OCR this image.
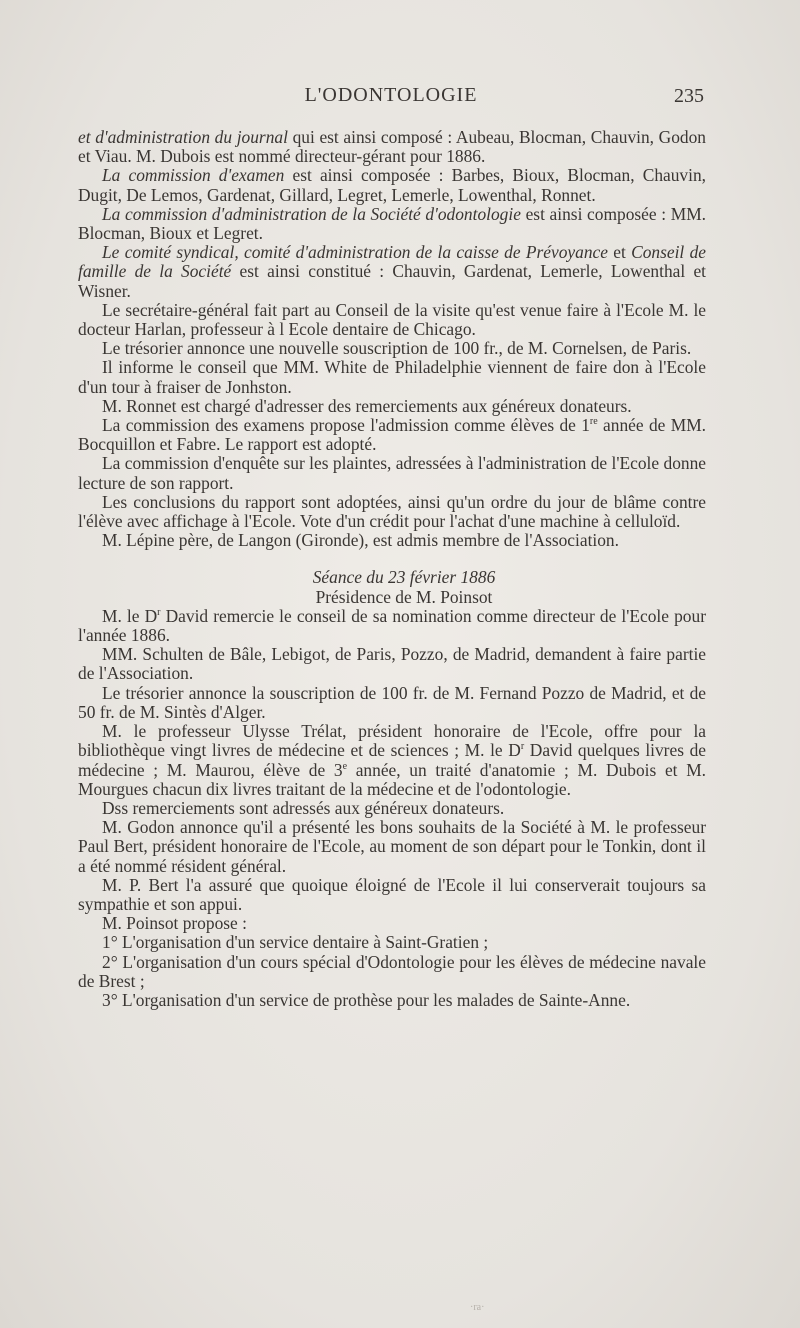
L'ODONTOLOGIE	235

et d'administration du journal qui est ainsi composé : Aubeau, Blocman, Chauvin, Godon et Viau. M. Dubois est nommé directeur-gérant pour 1886.

La commission d'examen est ainsi composée : Barbes, Bioux, Blocman, Chauvin, Dugit, De Lemos, Gardenat, Gillard, Legret, Lemerle, Lowenthal, Ronnet.

La commission d'administration de la Société d'odontologie est ainsi composée : MM. Blocman, Bioux et Legret.

Le comité syndical, comité d'administration de la caisse de Prévoyance et Conseil de famille de la Société est ainsi constitué : Chauvin, Gardenat, Lemerle, Lowenthal et Wisner.

Le secrétaire-général fait part au Conseil de la visite qu'est venue faire à l'Ecole M. le docteur Harlan, professeur à l Ecole dentaire de Chicago.

Le trésorier annonce une nouvelle souscription de 100 fr., de M. Cornelsen, de Paris.

Il informe le conseil que MM. White de Philadelphie viennent de faire don à l'Ecole d'un tour à fraiser de Jonhston.

M. Ronnet est chargé d'adresser des remerciements aux généreux donateurs.

La commission des examens propose l'admission comme élèves de 1re année de MM. Bocquillon et Fabre. Le rapport est adopté.

La commission d'enquête sur les plaintes, adressées à l'administration de l'Ecole donne lecture de son rapport.

Les conclusions du rapport sont adoptées, ainsi qu'un ordre du jour de blâme contre l'élève avec affichage à l'Ecole. Vote d'un crédit pour l'achat d'une machine à celluloïd.

M. Lépine père, de Langon (Gironde), est admis membre de l'Association.

Séance du 23 février 1886

Présidence de M. Poinsot

M. le $D^r$ David remercie le conseil de sa nomination comme directeur de l'Ecole pour l'année 1886.

MM. Schulten de Bâle, Lebigot, de Paris, Pozzo, de Madrid, demandent à faire partie de l'Association.

Le trésorier annonce la souscription de 100 fr. de M. Fernand Pozzo de Madrid, et de 50 fr. de M. Sintès d'Alger.

M. le professeur Ulysse Trélat, président honoraire de l'Ecole, offre pour la bibliothèque vingt livres de médecine et de sciences ; M. le $D^r$ David quelques livres de médecine ; M. Maurou, élève de 3e année, un traité d'anatomie ; M. Dubois et M. Mourgues chacun dix livres traitant de la médecine et de l'odontologie.

Dss remerciements sont adressés aux généreux donateurs.

M. Godon annonce qu'il a présenté les bons souhaits de la Société à M. le professeur Paul Bert, président honoraire de l'Ecole, au moment de son départ pour le Tonkin, dont il a été nommé résident général.

M. P. Bert l'a assuré que quoique éloigné de l'Ecole il lui conserverait toujours sa sympathie et son appui.

M. Poinsot propose :

1° L'organisation d'un service dentaire à Saint-Gratien ;

2° L'organisation d'un cours spécial d'Odontologie pour les élèves de médecine navale de Brest ;

3° L'organisation d'un service de prothèse pour les malades de Sainte-Anne.

·ra·
